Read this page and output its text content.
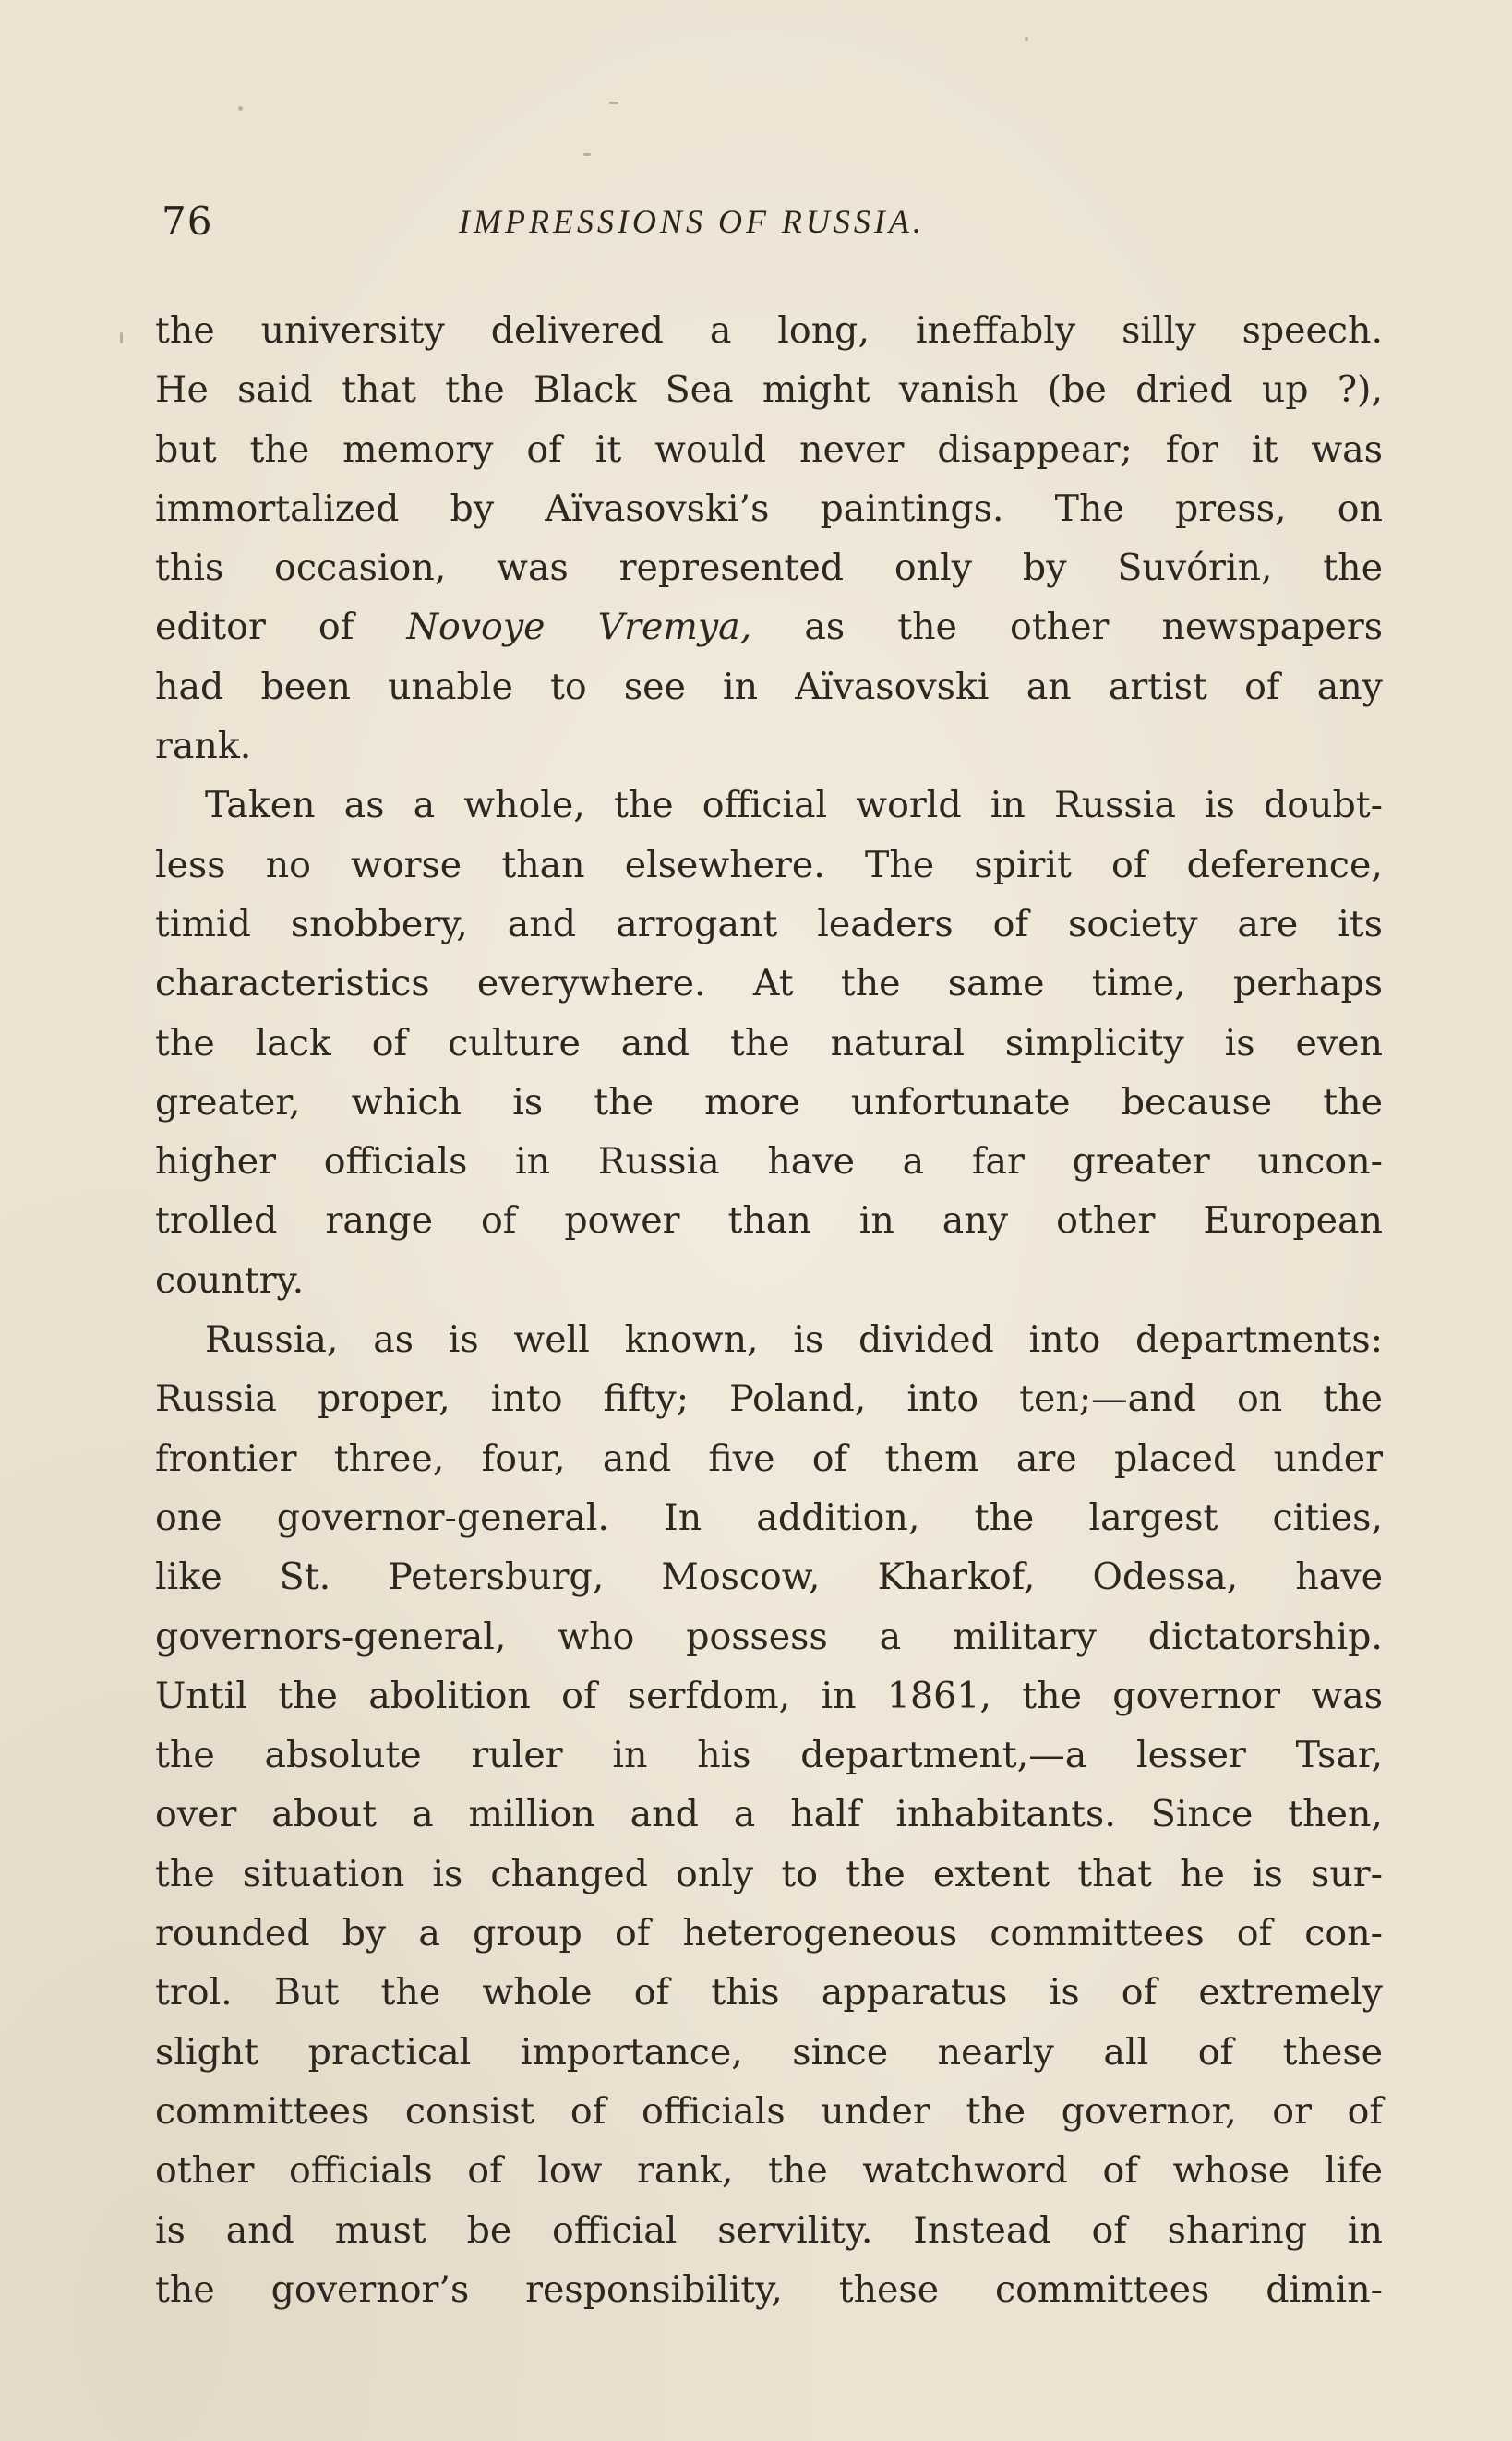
76	IMPRESSIONS OF RUSSIA.
the university delivered a long, ineffably silly speech.
He said that the Black Sea might vanish (be dried up ?),
but the memory of it would never disappear; for it was
immortalized by Aïvasovski’s paintings. The press, on
this occasion, was represented only by Suvórin, the
editor of Novoye Vremya, as the other newspapers
had been unable to see in Aïvasovski an artist of any
rank.
Taken as a whole, the official world in Russia is doubt-
less no worse than elsewhere. The spirit of deference,
timid snobbery, and arrogant leaders of society are its
characteristics everywhere. At the same time, perhaps
the lack of culture and the natural simplicity is even
greater, which is the more unfortunate because the
higher officials in Russia have a far greater uncon-
trolled range of power than in any other European
country.
Russia, as is well known, is divided into departments:
Russia proper, into fifty; Poland, into ten;—and on the
frontier three, four, and five of them are placed under
one governor-general. In addition, the largest cities,
like St. Petersburg, Moscow, Kharkof, Odessa, have
governors-general, who possess a military dictatorship.
Until the abolition of serfdom, in 1861, the governor was
the absolute ruler in his department,—a lesser Tsar,
over about a million and a half inhabitants. Since then,
the situation is changed only to the extent that he is sur-
rounded by a group of heterogeneous committees of con-
trol. But the whole of this apparatus is of extremely
slight practical importance, since nearly all of these
committees consist of officials under the governor, or of
other officials of low rank, the watchword of whose life
is and must be official servility. Instead of sharing in
the governor’s responsibility, these committees dimin-
